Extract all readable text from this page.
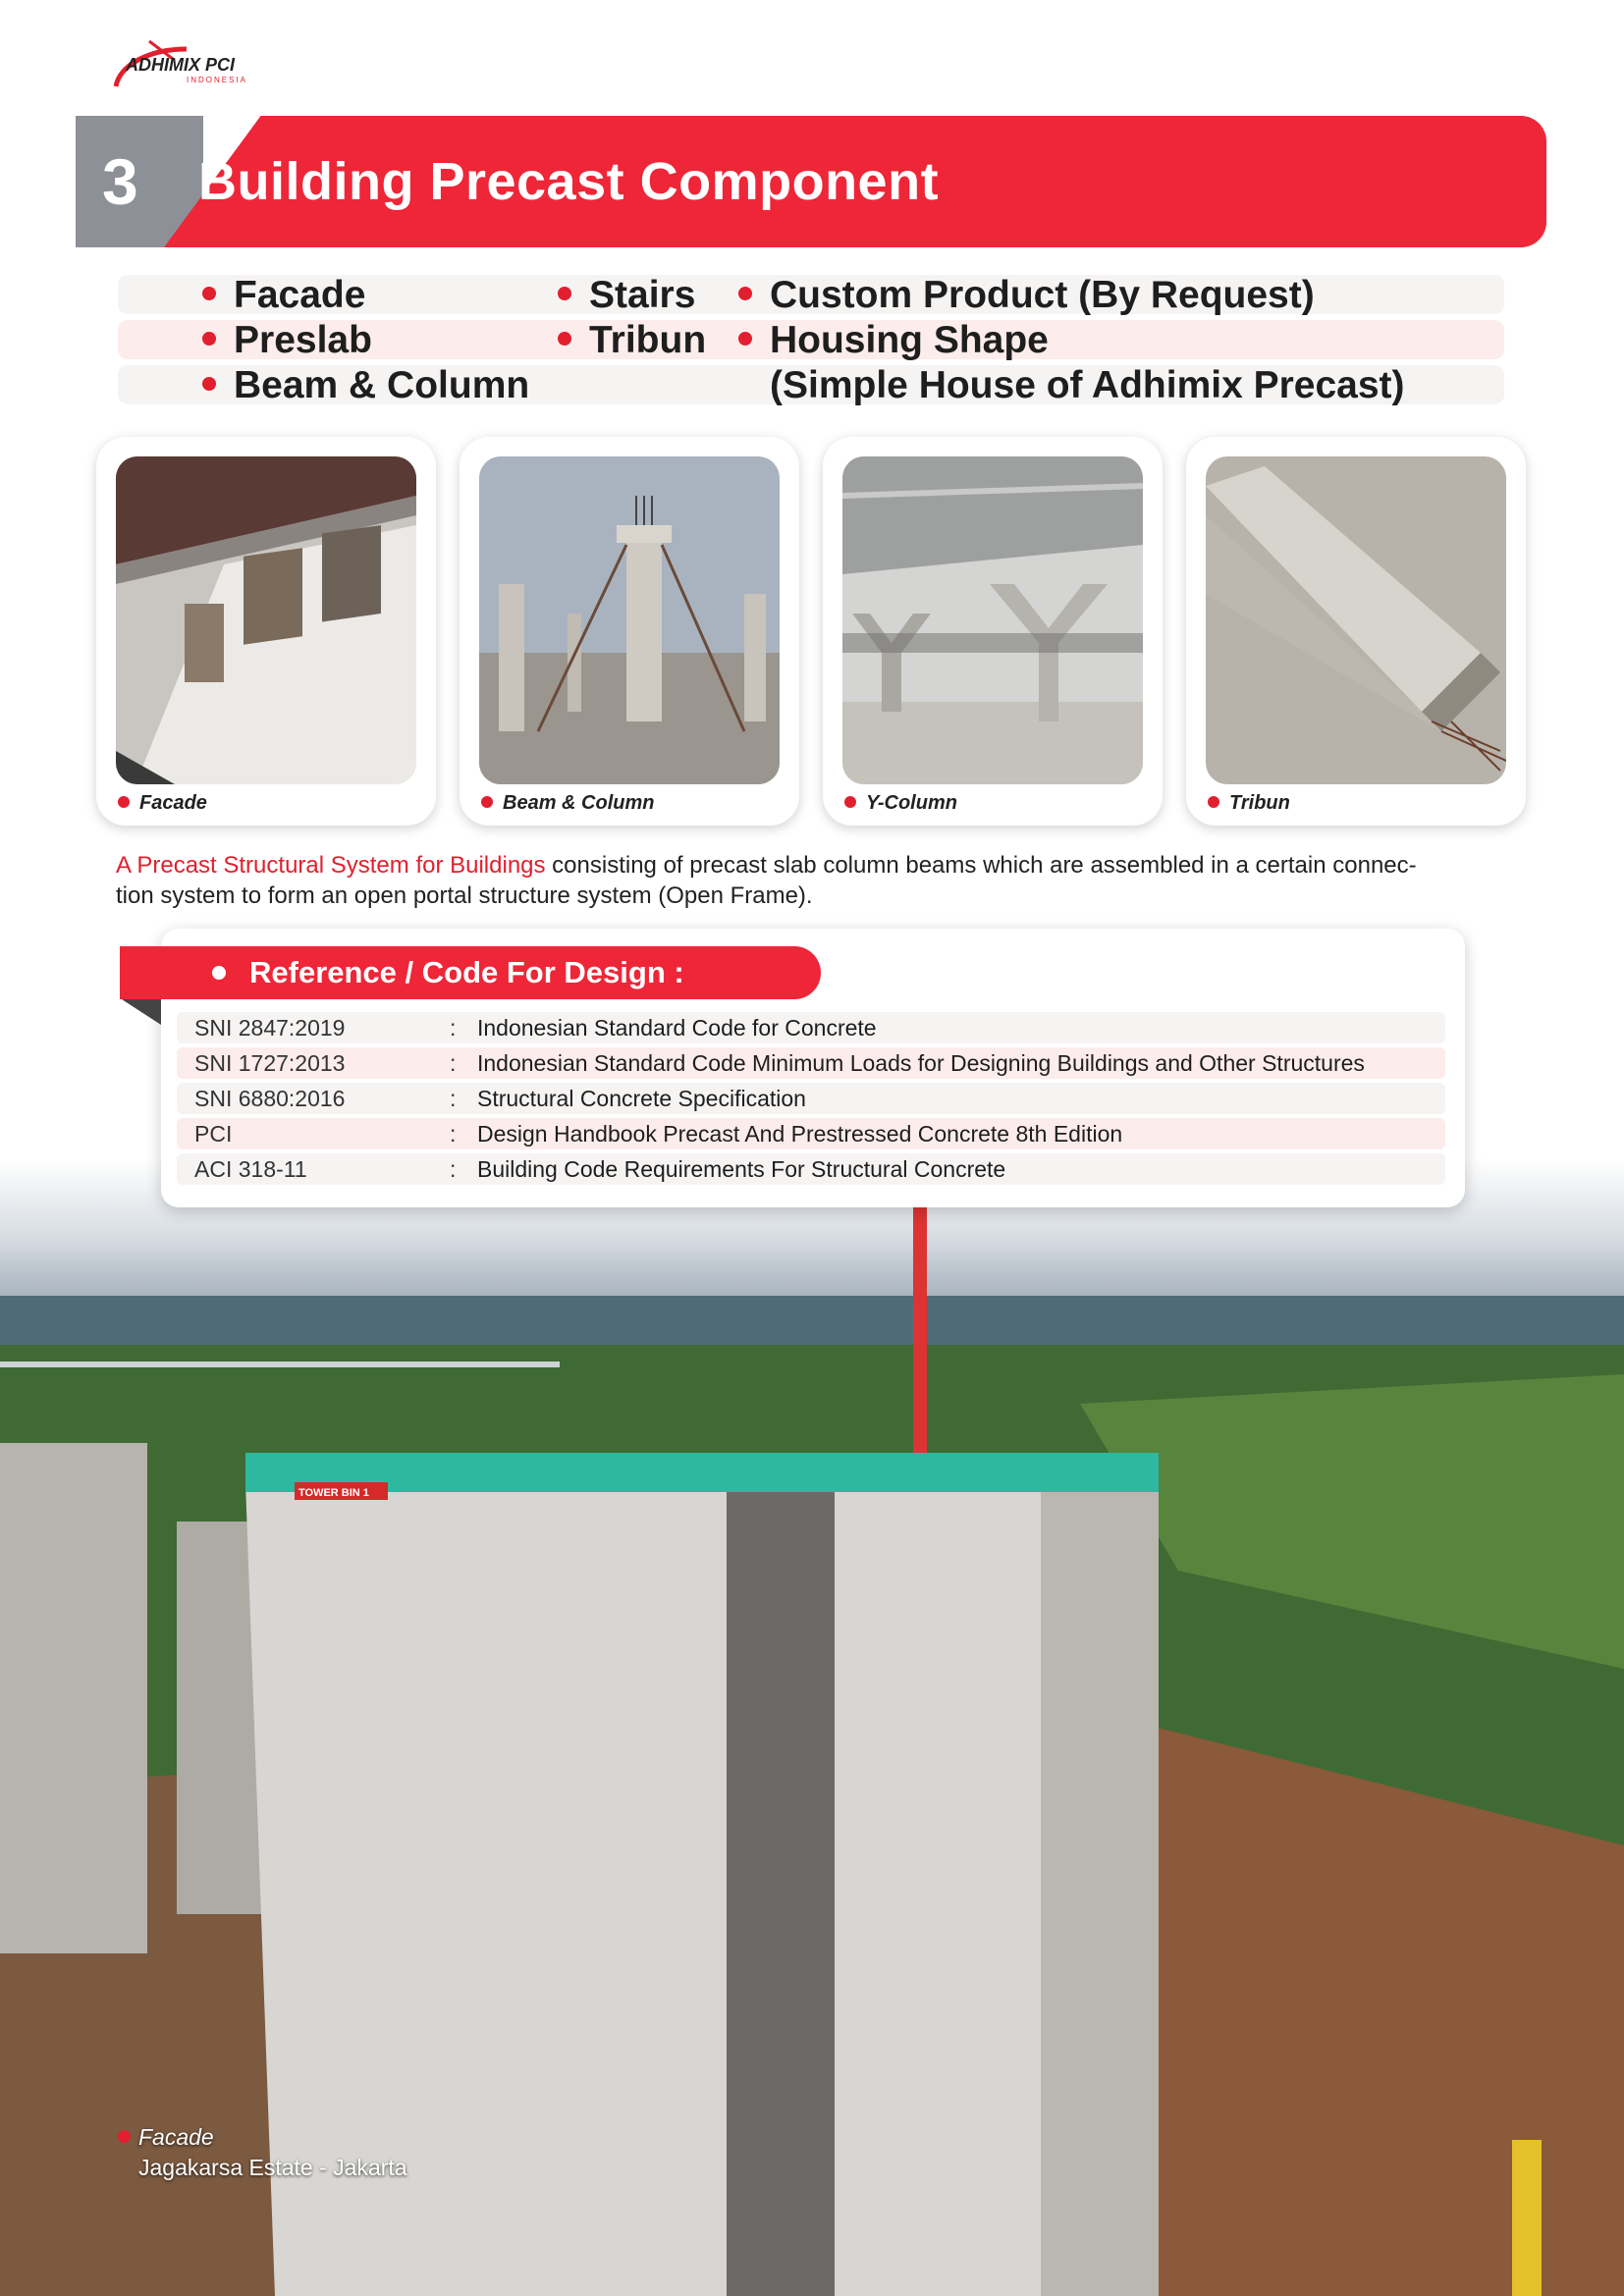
ADHIMIX PCI
INDONESIA
3	Building Precast Component
Facade
Preslab
Beam & Column
Stairs
Tribun
Custom Product (By Request)
Housing Shape
(Simple House of Adhimix Precast)
Facade	Beam & Column	Y-Column	Tribun
A Precast Structural System for Buildings consisting of precast slab column beams which are assembled in a certain connec-
tion system to form an open portal structure system (Open Frame).
Reference / Code For Design :
SNI 2847:2019	: Indonesian Standard Code for Concrete
SNI 1727:2013	: Indonesian Standard Code Minimum Loads for Designing Buildings and Other Structures
SNI 6880:2016	: Structural Concrete Specification
PCI	: Design Handbook Precast And Prestressed Concrete 8th Edition
ACI 318-11	: Building Code Requirements For Structural Concrete
TOWER BIN 1
Facade
Jagakarsa Estate - Jakarta
